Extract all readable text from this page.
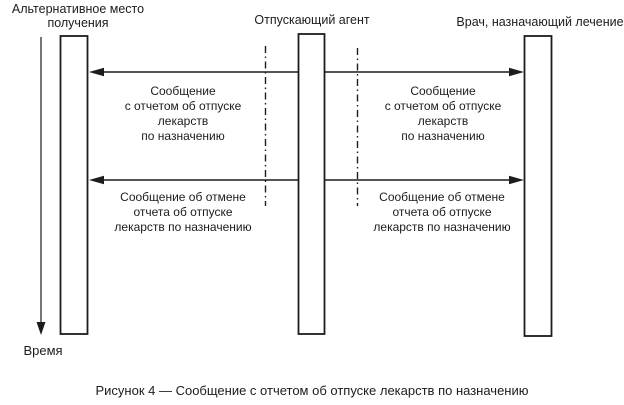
Альтернативное место
получения	Отпускающий агент	Врач, назначающий лечение
Сообщение
с отчетом об отпуске
лекарств
по назначению
Сообщение
с отчетом об отпуске
лекарств
по назначению
Сообщение об отмене
отчета об отпуске
лекарств по назначению
Сообщение об отмене
отчета об отпуске
лекарств по назначению
Время
Рисунок 4 — Сообщение с отчетом об отпуске лекарств по назначению
